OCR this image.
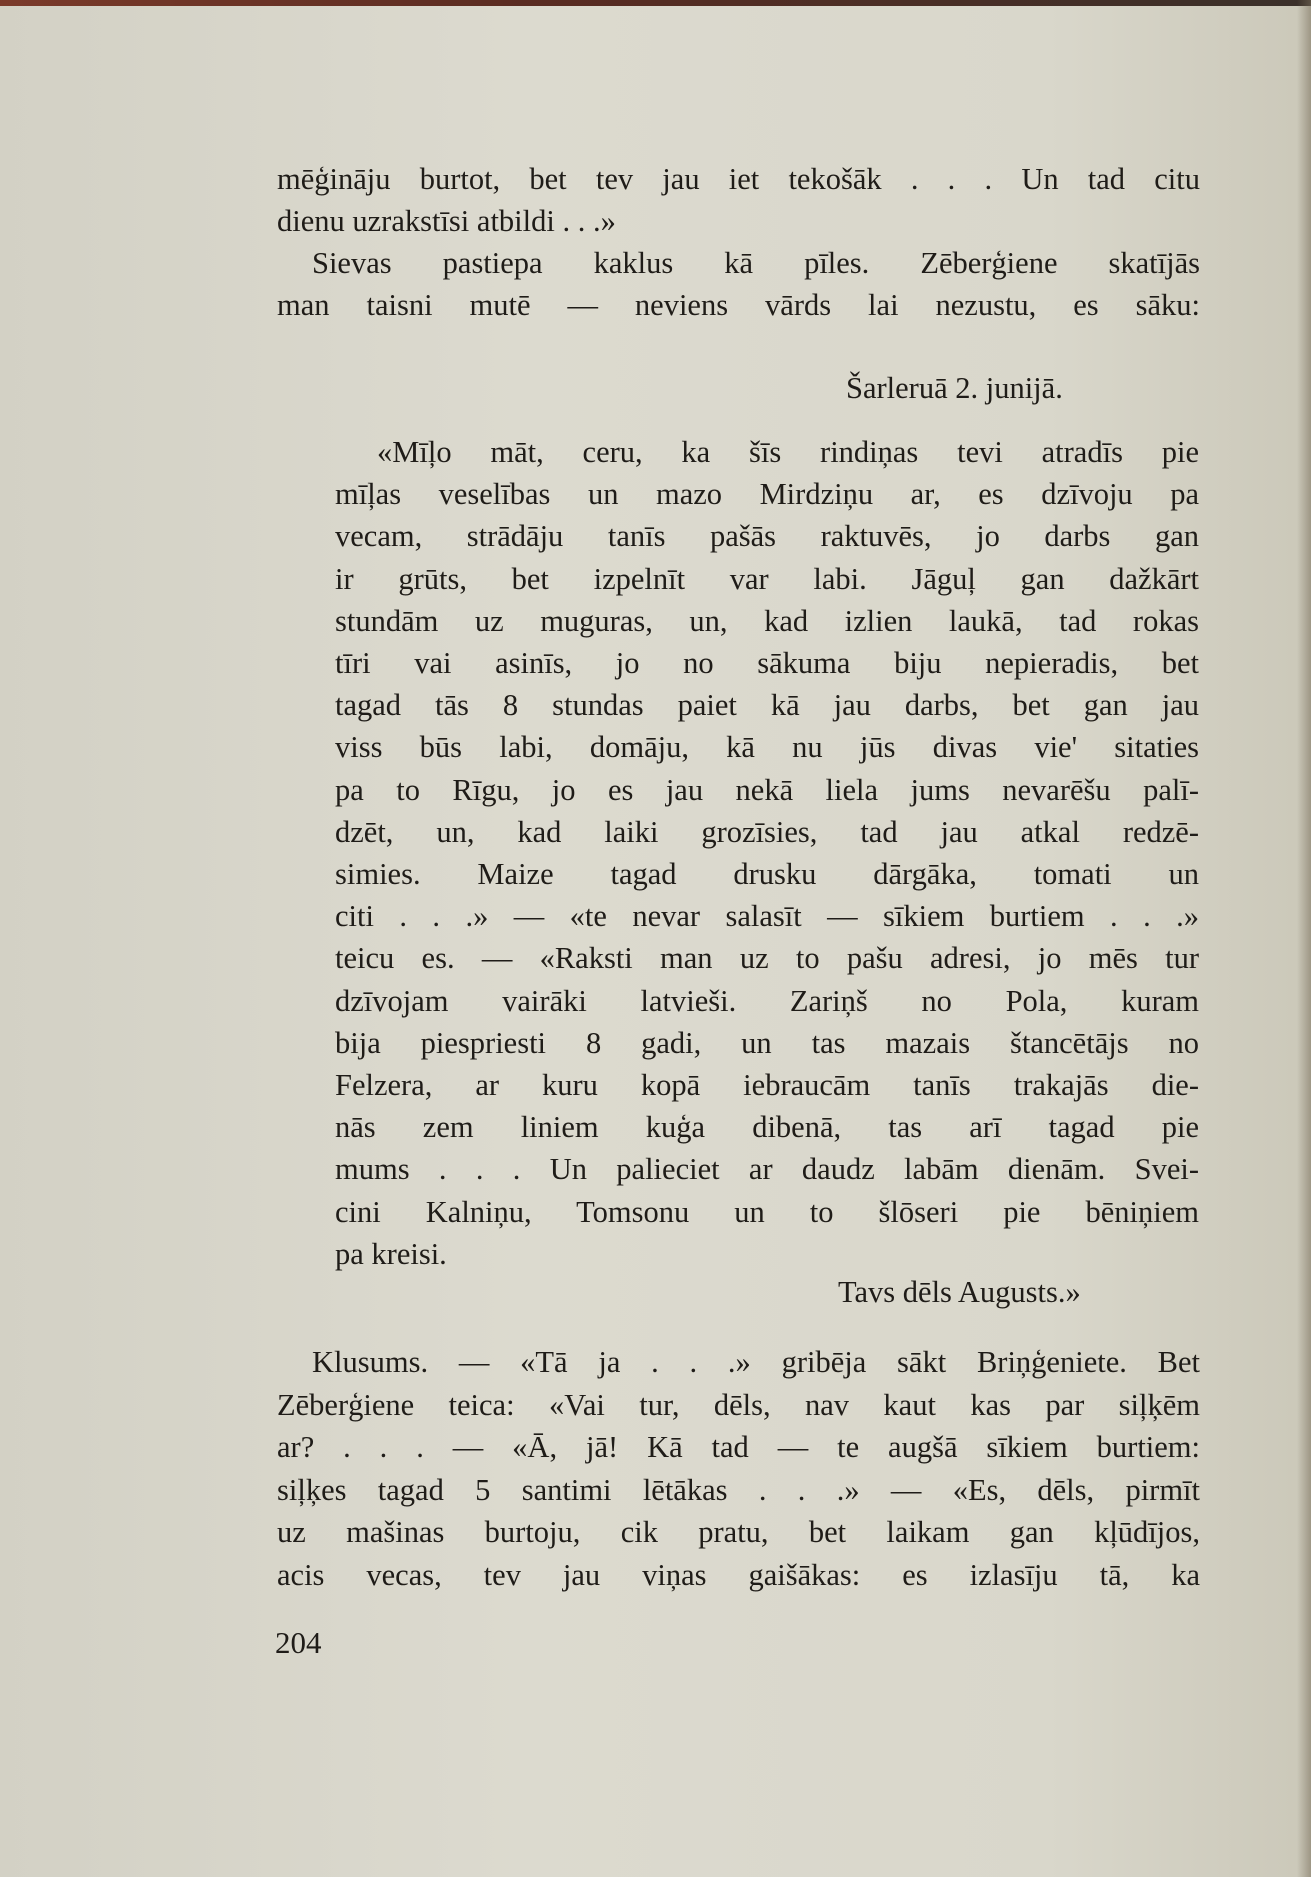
mēģināju burtot, bet tev jau iet tekošāk . . . Un tad citu
dienu uzrakstīsi atbildi . . .»
Sievas pastiepa kaklus kā pīles. Zēberģiene skatījās
man taisni mutē — neviens vārds lai nezustu, es sāku:
Šarleruā 2. junijā.
«Mīļo māt, ceru, ka šīs rindiņas tevi atradīs pie
mīļas veselības un mazo Mirdziņu ar, es dzīvoju pa
vecam, strādāju tanīs pašās raktuvēs, jo darbs gan
ir grūts, bet izpelnīt var labi. Jāguļ gan dažkārt
stundām uz muguras, un, kad izlien laukā, tad rokas
tīri vai asinīs, jo no sākuma biju nepieradis, bet
tagad tās 8 stundas paiet kā jau darbs, bet gan jau
viss būs labi, domāju, kā nu jūs divas vie' sitaties
pa to Rīgu, jo es jau nekā liela jums nevarēšu palī-
dzēt, un, kad laiki grozīsies, tad jau atkal redzē-
simies. Maize tagad drusku dārgāka, tomati un
citi . . .» — «te nevar salasīt — sīkiem burtiem . . .»
teicu es. — «Raksti man uz to pašu adresi, jo mēs tur
dzīvojam vairāki latvieši. Zariņš no Pola, kuram
bija piespriesti 8 gadi, un tas mazais štancētājs no
Felzera, ar kuru kopā iebraucām tanīs trakajās die-
nās zem liniem kuģa dibenā, tas arī tagad pie
mums . . . Un palieciet ar daudz labām dienām. Svei-
cini Kalniņu, Tomsonu un to šlōseri pie bēniņiem
pa kreisi.
Tavs dēls Augusts.»
Klusums. — «Tā ja . . .» gribēja sākt Briņģeniete. Bet
Zēberģiene teica: «Vai tur, dēls, nav kaut kas par siļķēm
ar? . . . — «Ā, jā! Kā tad — te augšā sīkiem burtiem:
siļķes tagad 5 santimi lētākas . . .» — «Es, dēls, pirmīt
uz mašinas burtoju, cik pratu, bet laikam gan kļūdījos,
acis vecas, tev jau viņas gaišākas: es izlasīju tā, ka
204
